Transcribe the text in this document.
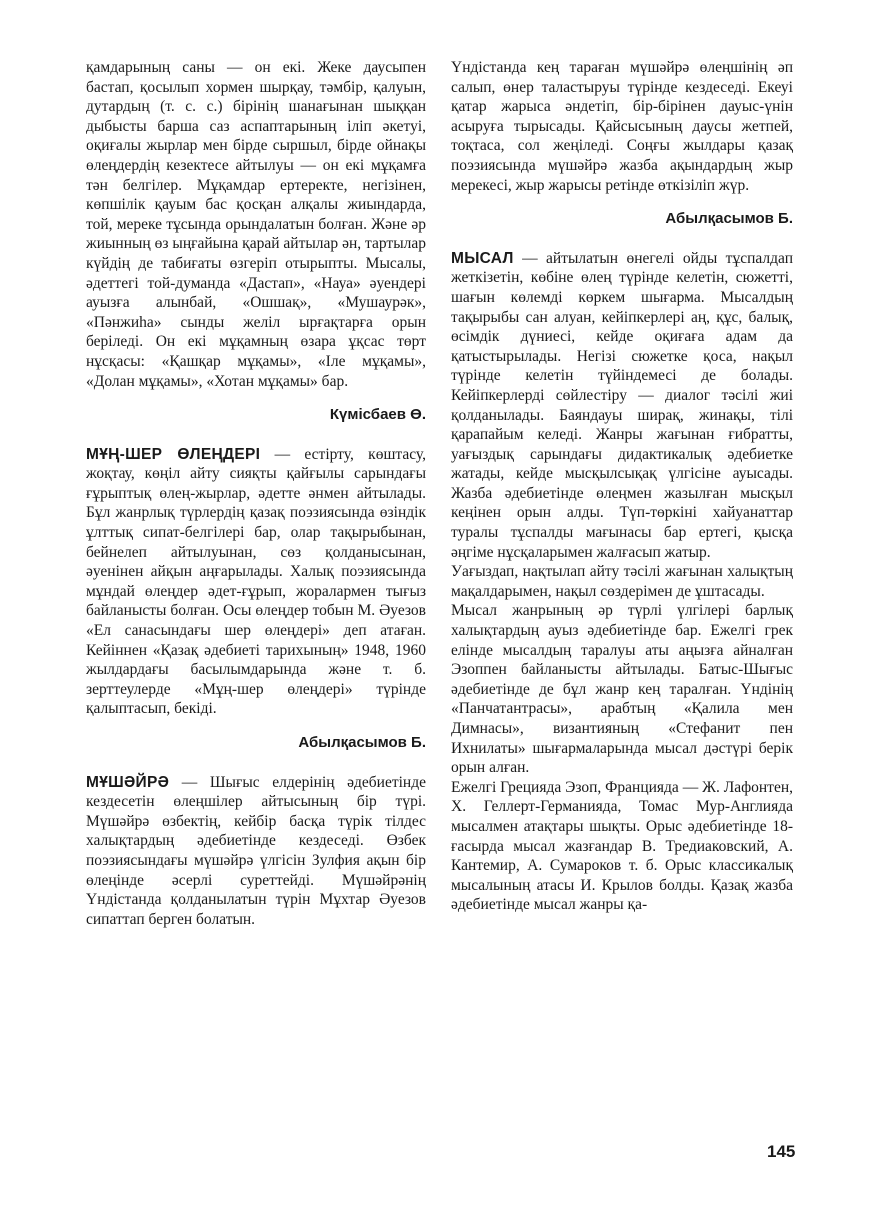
қамдарының саны — он екі. Жеке даусыпен бастап, қосылып хормен шырқау, тәмбір, қалуын, дутардың (т. с. с.) бірінің шанағынан шыққан дыбысты барша саз аспаптарының іліп әкетуі, оқиғалы жырлар мен бірде сыршыл, бірде ойнақы өлеңдердің кезектесе айтылуы — он екі мұқамға тән белгілер. Мұқамдар ертеректе, негізінен, көпшілік қауым бас қосқан алқалы жиындарда, той, мереке тұсында орындалатын болған. Және әр жиынның өз ыңғайына қарай айтылар ән, тартылар күйдің де табиғаты өзгеріп отырыпты. Мысалы, әдеттегі той-думанда «Дастап», «Науа» әуендері ауызға алынбай, «Ошшақ», «Мушаурәк», «Пәнжиһа» сынды желіл ырғақтарға орын беріледі. Он екі мұқамның өзара ұқсас төрт нұсқасы: «Қашқар мұқамы», «Іле мұқамы», «Долан мұқамы», «Хотан мұқамы» бар.

Күмісбаев Ө.

МҰҢ-ШЕР ӨЛЕҢДЕРІ — естірту, көштасу, жоқтау, көңіл айту сияқты қайғылы сарындағы ғұрыптық өлең-жырлар, әдетте әнмен айтылады. Бұл жанрлық түрлердің қазақ поэзиясында өзіндік ұлттық сипат-белгілері бар, олар тақырыбынан, бейнелеп айтылуынан, сөз қолданысынан, әуенінен айқын аңғарылады. Халық поэзиясында мұндай өлеңдер әдет-ғұрып, жоралармен тығыз байланысты болған. Осы өлеңдер тобын М. Әуезов «Ел санасындағы шер өлеңдері» деп атаған. Кейіннен «Қазақ әдебиеті тарихының» 1948, 1960 жылдардағы басылымдарында және т. б. зерттеулерде «Мұң-шер өлеңдері» түрінде қалыптасып, бекіді.

Абылқасымов Б.

МҰШӘЙРӘ — Шығыс елдерінің әдебиетінде кездесетін өлеңшілер айтысының бір түрі. Мүшәйрә өзбектің, кейбір басқа түрік тілдес халықтардың әдебиетінде кездеседі. Өзбек поэзиясындағы мүшәйрә үлгісін Зулфия ақын бір өлеңінде әсерлі суреттейді. Мүшәйрәнің Үндістанда қолданылатын түрін Мұхтар Әуезов сипаттап берген болатын.

Үндістанда кең тараған мүшәйрә өлеңшінің әп салып, өнер таластыруы түрінде кездеседі. Екеуі қатар жарыса әндетіп, бір-бірінен дауыс-үнін асыруға тырысады. Қайсысының даусы жетпей, тоқтаса, сол жеңіледі. Соңғы жылдары қазақ поэзиясында мүшәйрә жазба ақындардың жыр мерекесі, жыр жарысы ретінде өткізіліп жүр.

Абылқасымов Б.

МЫСАЛ — айтылатын өнегелі ойды тұспалдап жеткізетін, көбіне өлең түрінде келетін, сюжетті, шағын көлемді көркем шығарма. Мысалдың тақырыбы сан алуан, кейіпкерлері аң, құс, балық, өсімдік дүниесі, кейде оқиғаға адам да қатыстырылады. Негізі сюжетке қоса, нақыл түрінде келетін түйіндемесі де болады. Кейіпкерлерді сөйлестіру — диалог тәсілі жиі қолданылады. Баяндауы ширақ, жинақы, тілі қарапайым келеді. Жанры жағынан ғибратты, уағыздық сарындағы дидактикалық әдебиетке жатады, кейде мысқылсықақ үлгісіне ауысады. Жазба әдебиетінде өлеңмен жазылған мысқыл кеңінен орын алды. Түп-төркіні хайуанаттар туралы тұспалды мағынасы бар ертегі, қысқа әңгіме нұсқаларымен жалғасып жатыр.

Уағыздап, нақтылап айту тәсілі жағынан халықтың мақалдарымен, нақыл сөздерімен де ұштасады.

Мысал жанрының әр түрлі үлгілері барлық халықтардың ауыз әдебиетінде бар. Ежелгі грек елінде мысалдың таралуы аты аңызға айналған Эзоппен байланысты айтылады. Батыс-Шығыс әдебиетінде де бұл жанр кең таралған. Үндінің «Панчатантрасы», арабтың «Қалила мен Димнасы», византияның «Стефанит пен Ихнилаты» шығармаларында мысал дәстүрі берік орын алған.

Ежелгі Грецияда Эзоп, Францияда — Ж. Лафонтен, Х. Геллерт-Германияда, Томас Мур-Англияда мысалмен атақтары шықты. Орыс әдебиетінде 18-ғасырда мысал жазғандар В. Тредиаковский, А. Кантемир, А. Сумароков т. б. Орыс классикалық мысалының атасы И. Крылов болды. Қазақ жазба әдебиетінде мысал жанры қа-

145
